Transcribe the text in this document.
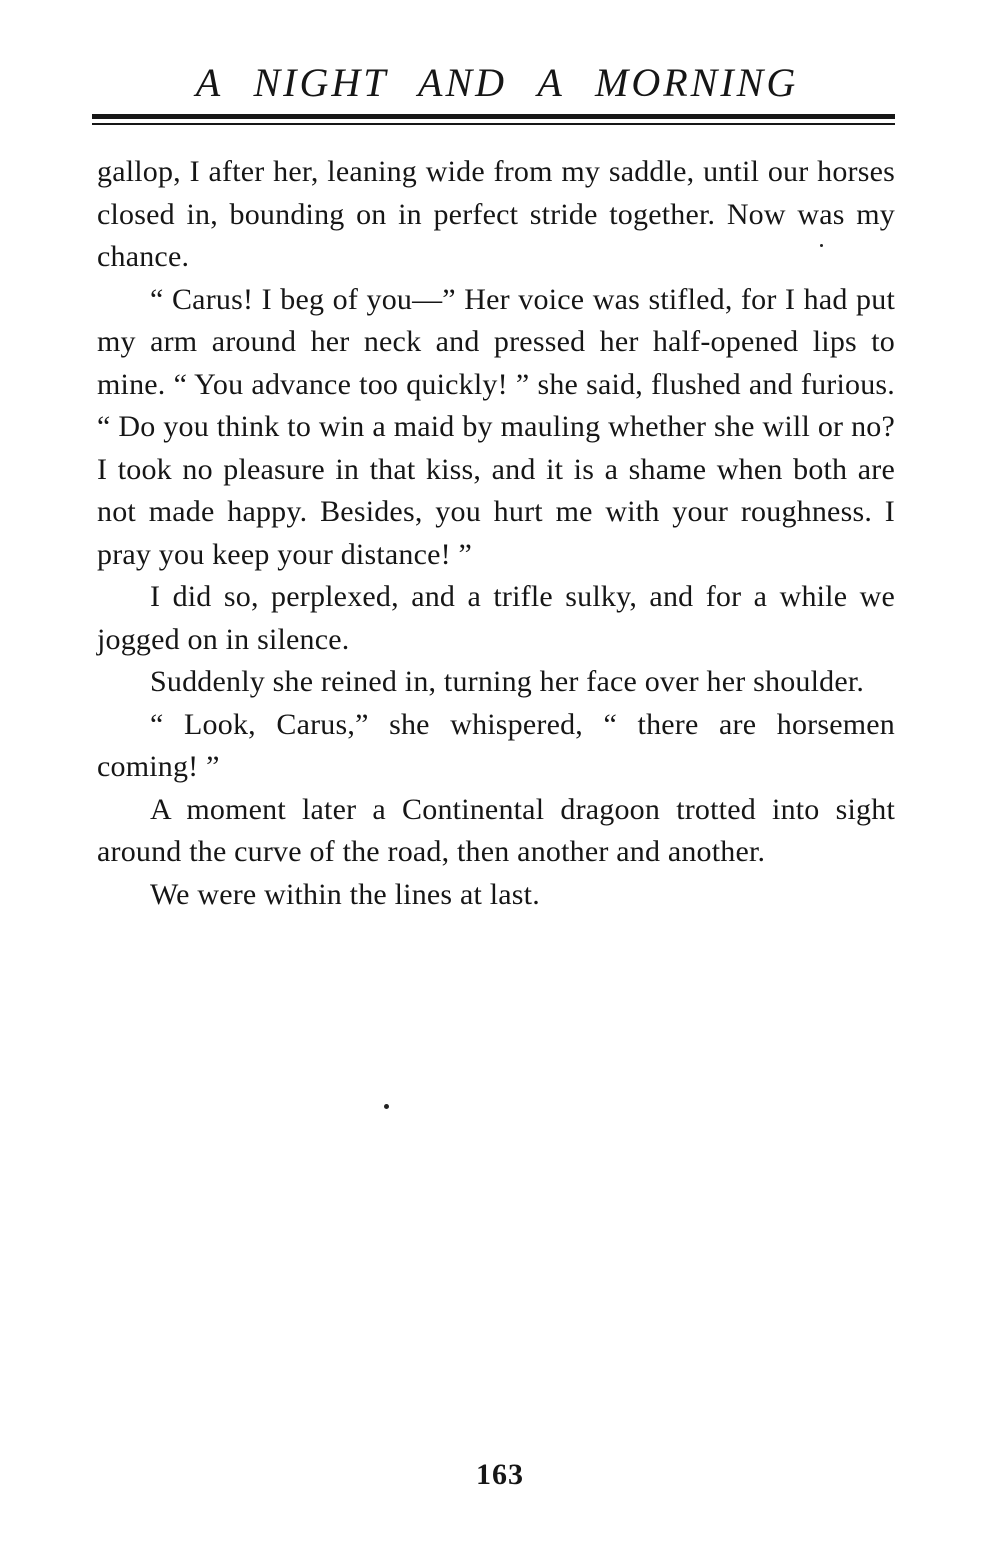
A NIGHT AND A MORNING

gallop, I after her, leaning wide from my saddle, until our horses closed in, bounding on in perfect stride together. Now was my chance.

“ Carus! I beg of you—” Her voice was stifled, for I had put my arm around her neck and pressed her half-opened lips to mine. “ You advance too quickly! ” she said, flushed and furious. “ Do you think to win a maid by mauling whether she will or no? I took no pleasure in that kiss, and it is a shame when both are not made happy. Besides, you hurt me with your roughness. I pray you keep your distance! ”

I did so, perplexed, and a trifle sulky, and for a while we jogged on in silence.

Suddenly she reined in, turning her face over her shoulder.

“ Look, Carus,” she whispered, “ there are horsemen coming! ”

A moment later a Continental dragoon trotted into sight around the curve of the road, then another and another.

We were within the lines at last.

163
